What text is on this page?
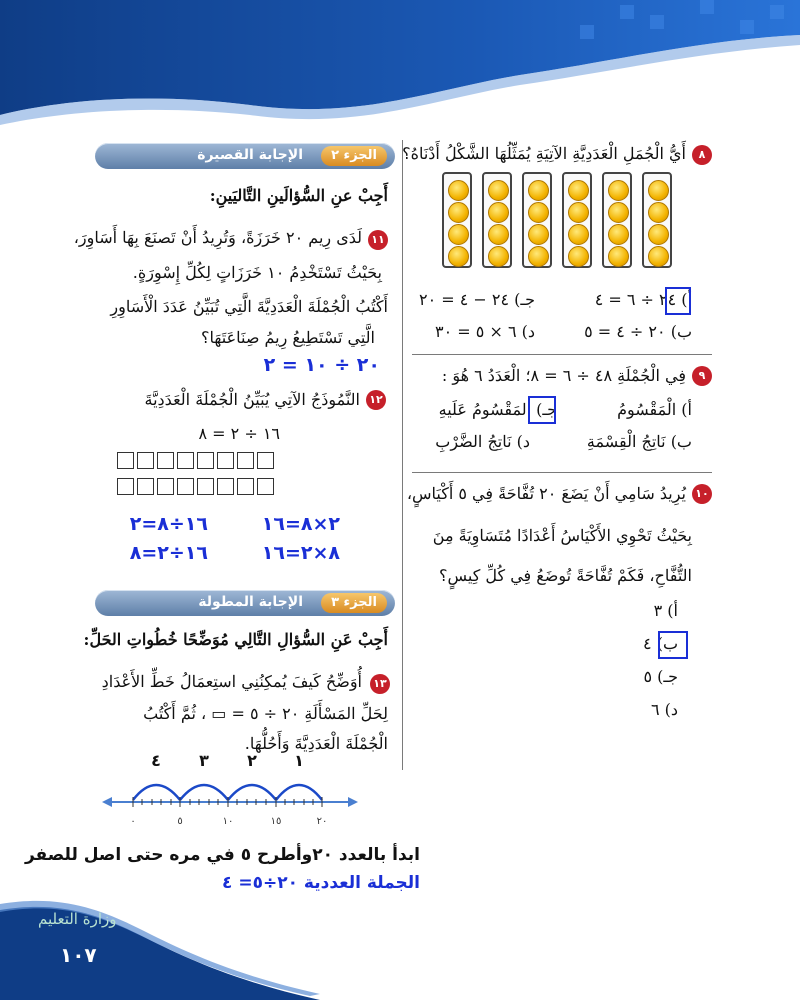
وزارة التعليم
١٠٧
٨
أَيُّ الْجُمَلِ الْعَدَدِيَّةِ الآتِيَةِ يُمَثِّلُهَا الشَّكْلُ أَدْنَاهُ؟
أ) ٢٤ ÷ ٦ = ٤
جـ) ٢٤ − ٤ = ٢٠
ب) ٢٠ ÷ ٤ = ٥
د) ٦ × ٥ = ٣٠
٩
فِي الْجُمْلَةِ ٤٨ ÷ ٦ = ٨؛ الْعَدَدُ ٦ هُوَ :
أ) الْمَقْسُومُ
جـ) المَقْسُومُ عَلَيهِ
ب) نَاتِجُ الْقِسْمَةِ
د) نَاتِجُ الضَّرْبِ
١٠
يُرِيدُ سَامِي أَنْ يَضَعَ ٢٠ تُفَّاحَةً فِي ٥ أَكْيَاسٍ،
بِحَيْثُ تَحْوِي الأَكْيَاسُ أَعْدَادًا مُتَسَاوِيَةً مِنَ
التُّفَّاحِ، فَكَمْ تُفَّاحَةً تُوضَعُ فِي كُلِّ كِيسٍ؟
أ) ٣
ب) ٤
جـ) ٥
د) ٦
الجزء ٢
الإجابة القصيرة
أَجِبْ عنِ السُّؤالَينِ التَّاليَينِ:
١١
لَدَى رِيم ٢٠ خَرَزَةً، وَتُرِيدُ أَنْ تَصنَعَ بِهَا أَسَاوِرَ،
بِحَيْثُ تَسْتَخْدِمُ ١٠ خَرَزَاتٍ لِكُلِّ إِسْوِرَةٍ.
أَكْتُبُ الْجُمْلَةَ الْعَدَدِيَّةَ الَّتِي تُبَيِّنُ عَدَدَ الْأَسَاوِرِ
الَّتِي تَسْتَطِيعُ رِيمُ صِنَاعَتَهَا؟
٢٠ ÷ ١٠ = ٢
١٢
النَّمُوذَجُ الآتِي يُبَيِّنُ الْجُمْلَةَ الْعَدَدِيَّةَ
١٦ ÷ ٢ = ٨
٢×٨=١٦
١٦÷٨=٢
٨×٢=١٦
١٦÷٢=٨
الجزء ٣
الإجابة المطولة
أَجِبْ عَنِ السُّؤالِ التَّالِي مُوَضِّحًا خُطُواتِ الحَلِّ:
١٣
أُوَضِّحُ كَيفَ يُمكِنُنِي استِعمَالُ خَطِّ الأَعْدَادِ
لِحَلِّ المَسْأَلَةِ ٢٠ ÷ ٥ = ▭ ، ثُمَّ أَكْتُبُ
الْجُمْلَةَ الْعَدَدِيَّةَ وَأَحُلُّهَا.
٤ ٣ ٢ ١
٠	٥	١٠	١٥	٢٠
ابدأ بالعدد ٢٠وأطرح ٥ في مره حتى اصل للصفر
الجملة العددية ٢٠÷٥= ٤
